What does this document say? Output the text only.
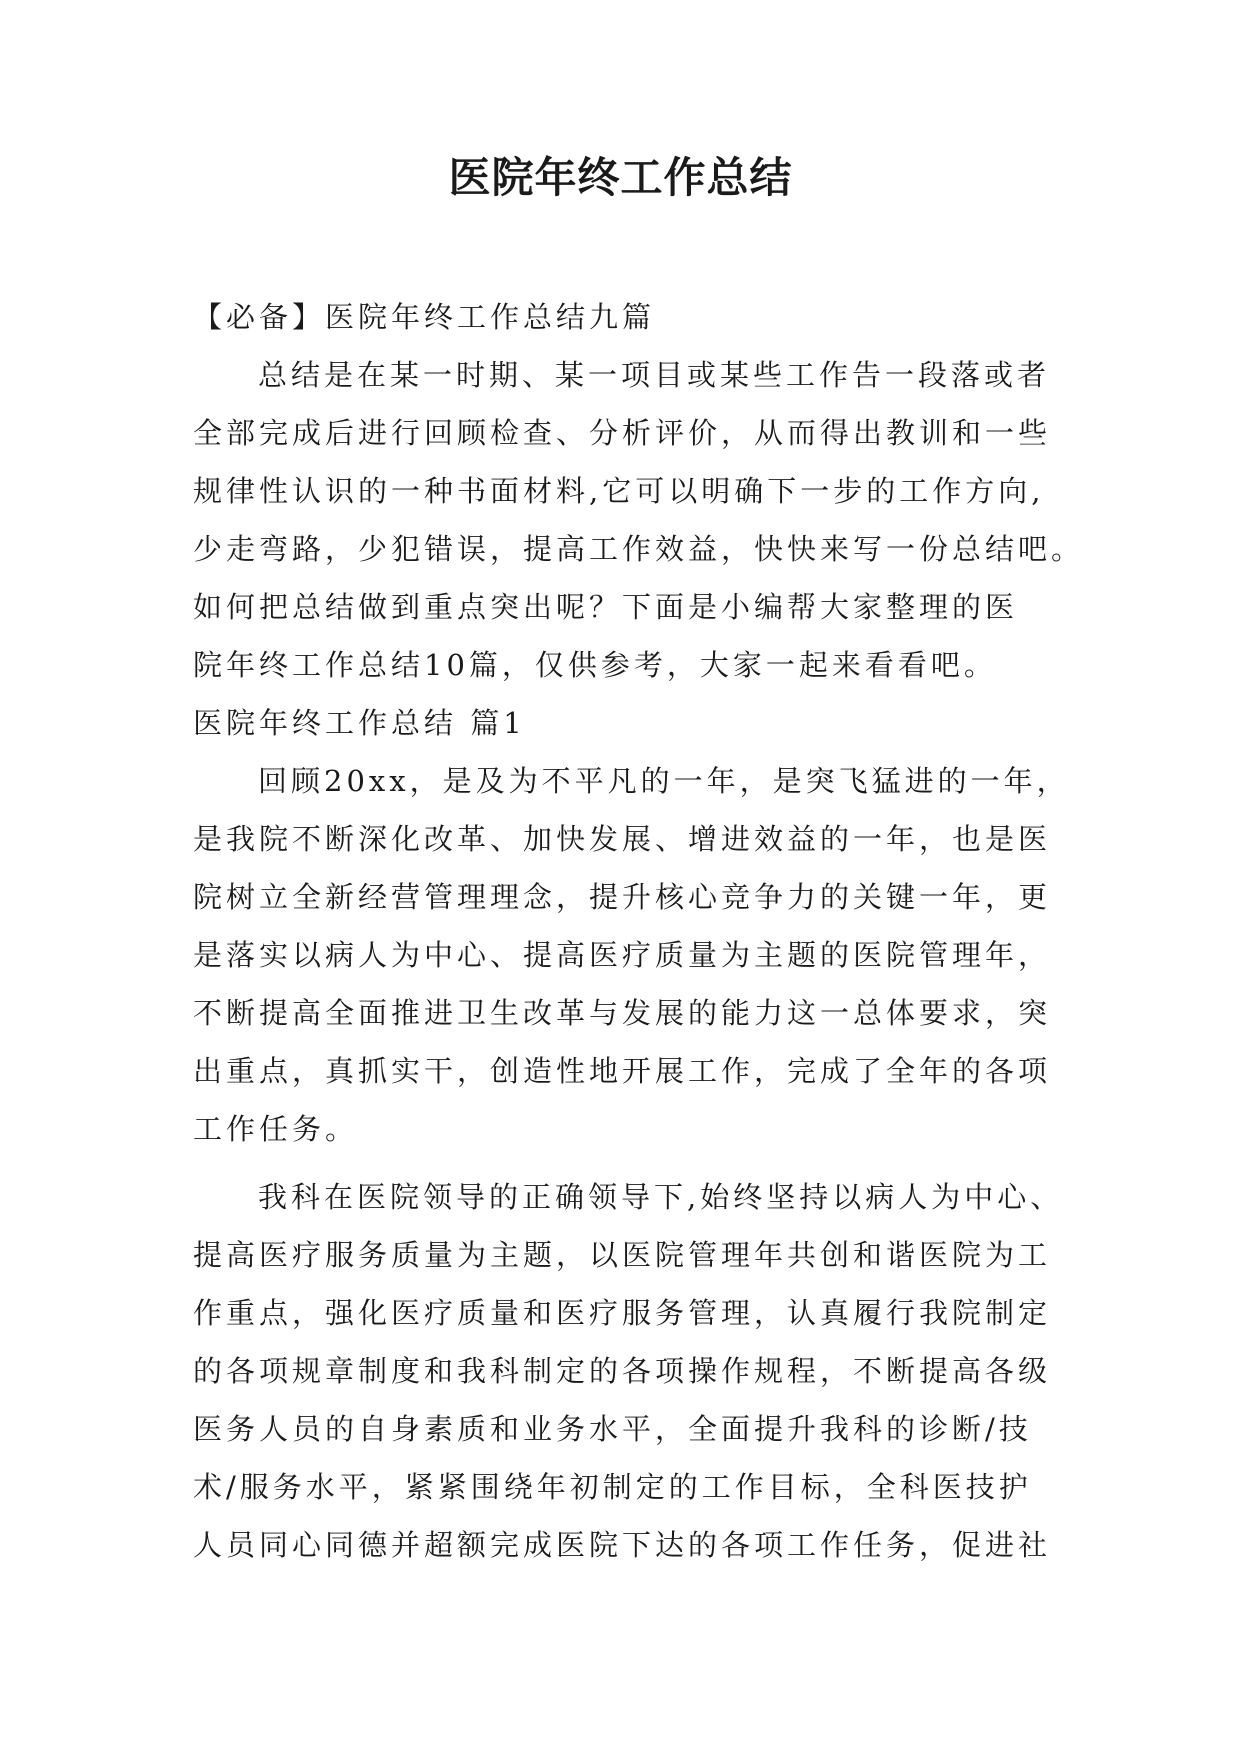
医院年终工作总结
【必备】医院年终工作总结九篇
总结是在某一时期、某一项目或某些工作告一段落或者
全部完成后进行回顾检查、分析评价，从而得出教训和一些
规律性认识的一种书面材料,它可以明确下一步的工作方向,
少走弯路，少犯错误，提高工作效益，快快来写一份总结吧。
如何把总结做到重点突出呢？下面是小编帮大家整理的医
院年终工作总结10篇，仅供参考，大家一起来看看吧。
医院年终工作总结 篇1
回顾20xx，是及为不平凡的一年，是突飞猛进的一年，
是我院不断深化改革、加快发展、增进效益的一年，也是医
院树立全新经营管理理念，提升核心竞争力的关键一年，更
是落实以病人为中心、提高医疗质量为主题的医院管理年，
不断提高全面推进卫生改革与发展的能力这一总体要求，突
出重点，真抓实干，创造性地开展工作，完成了全年的各项
工作任务。
我科在医院领导的正确领导下,始终坚持以病人为中心、
提高医疗服务质量为主题，以医院管理年共创和谐医院为工
作重点，强化医疗质量和医疗服务管理，认真履行我院制定
的各项规章制度和我科制定的各项操作规程，不断提高各级
医务人员的自身素质和业务水平，全面提升我科的诊断/技
术/服务水平，紧紧围绕年初制定的工作目标，全科医技护
人员同心同德并超额完成医院下达的各项工作任务，促进社
